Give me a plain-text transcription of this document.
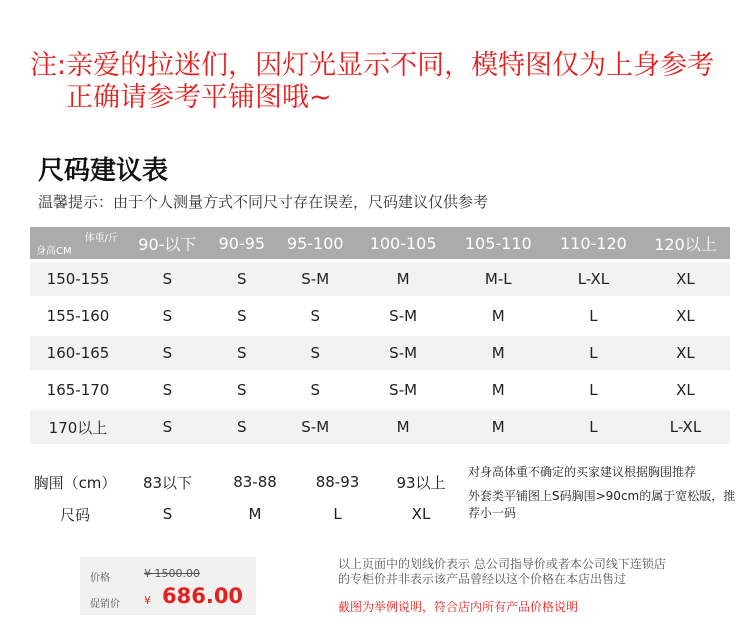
注:亲爱的拉迷们，因灯光显示不同，模特图仅为上身参考
正确请参考平铺图哦~
尺码建议表
温馨提示：由于个人测量方式不同尺寸存在误差，尺码建议仅供参考
体重/斤
身高CM	90-以下	90-95	95-100	100-105	105-110	110-120	120以上
150-155	S	S	S-M	M	M-L	L-XL	XL
155-160	S	S	S	S-M	M	L	XL
160-165	S	S	S	S-M	M	L	XL
165-170	S	S	S	S-M	M	L	XL
170以上	S	S	S-M	M	M	L	L-XL
胸围（cm）	83以下	83-88	88-93	93以上
尺码	S	M	L	XL

对身高体重不确定的买家建议根据胸围推荐

外套类平铺图上S码胸围>90cm的属于宽松版，推荐小一码

价格	¥ 1500.00
促销价 ¥ 686.00

以上页面中的划线价表示 总公司指导价或者本公司线下连锁店

的专柜价并非表示该产品曾经以这个价格在本店出售过

截图为举例说明，符合店内所有产品价格说明
